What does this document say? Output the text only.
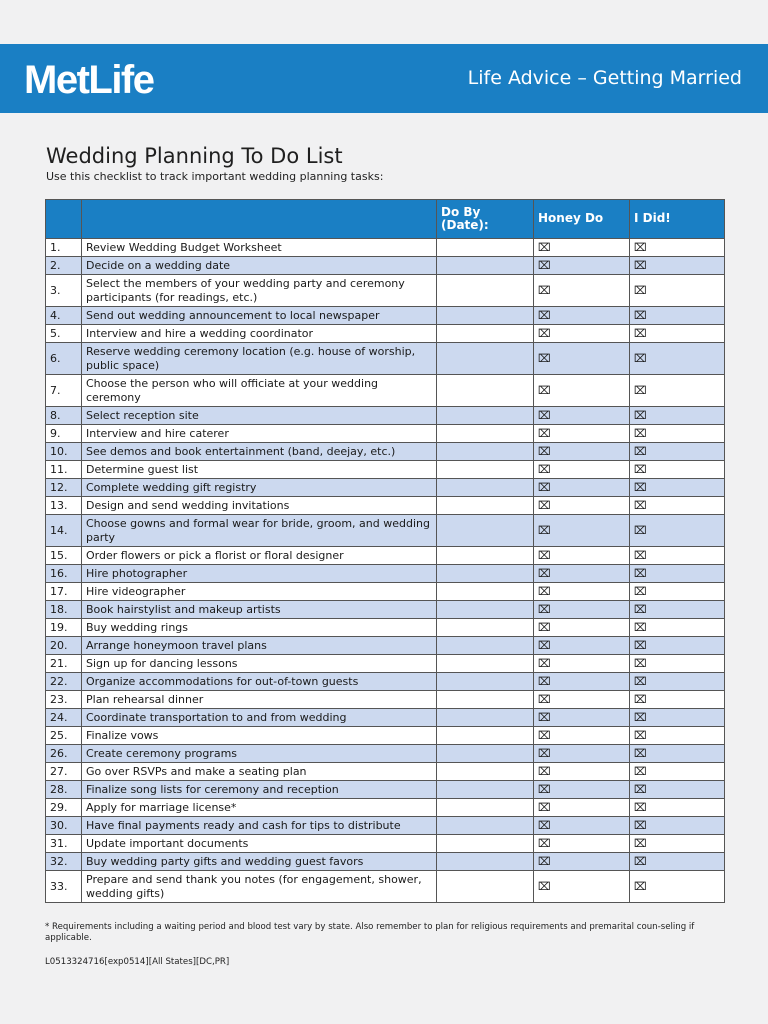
MetLife	Life Advice – Getting Married
Wedding Planning To Do List
Use this checklist to track important wedding planning tasks:
		Do By (Date):	Honey Do	I Did!
1.	Review Wedding Budget Worksheet		⌧	⌧
2.	Decide on a wedding date		⌧	⌧
3.	Select the members of your wedding party and ceremony participants (for readings, etc.)		⌧	⌧
4.	Send out wedding announcement to local newspaper		⌧	⌧
5.	Interview and hire a wedding coordinator		⌧	⌧
6.	Reserve wedding ceremony location (e.g. house of worship, public space)		⌧	⌧
7.	Choose the person who will officiate at your wedding ceremony		⌧	⌧
8.	Select reception site		⌧	⌧
9.	Interview and hire caterer		⌧	⌧
10.	See demos and book entertainment (band, deejay, etc.)		⌧	⌧
11.	Determine guest list		⌧	⌧
12.	Complete wedding gift registry		⌧	⌧
13.	Design and send wedding invitations		⌧	⌧
14.	Choose gowns and formal wear for bride, groom, and wedding party		⌧	⌧
15.	Order flowers or pick a florist or floral designer		⌧	⌧
16.	Hire photographer		⌧	⌧
17.	Hire videographer		⌧	⌧
18.	Book hairstylist and makeup artists		⌧	⌧
19.	Buy wedding rings		⌧	⌧
20.	Arrange honeymoon travel plans		⌧	⌧
21.	Sign up for dancing lessons		⌧	⌧
22.	Organize accommodations for out-of-town guests		⌧	⌧
23.	Plan rehearsal dinner		⌧	⌧
24.	Coordinate transportation to and from wedding		⌧	⌧
25.	Finalize vows		⌧	⌧
26.	Create ceremony programs		⌧	⌧
27.	Go over RSVPs and make a seating plan		⌧	⌧
28.	Finalize song lists for ceremony and reception		⌧	⌧
29.	Apply for marriage license*		⌧	⌧
30.	Have final payments ready and cash for tips to distribute		⌧	⌧
31.	Update important documents		⌧	⌧
32.	Buy wedding party gifts and wedding guest favors		⌧	⌧
33.	Prepare and send thank you notes (for engagement, shower, wedding gifts)		⌧	⌧
* Requirements including a waiting period and blood test vary by state. Also remember to plan for religious requirements and premarital coun-seling if applicable.
L0513324716[exp0514][All States][DC,PR]
